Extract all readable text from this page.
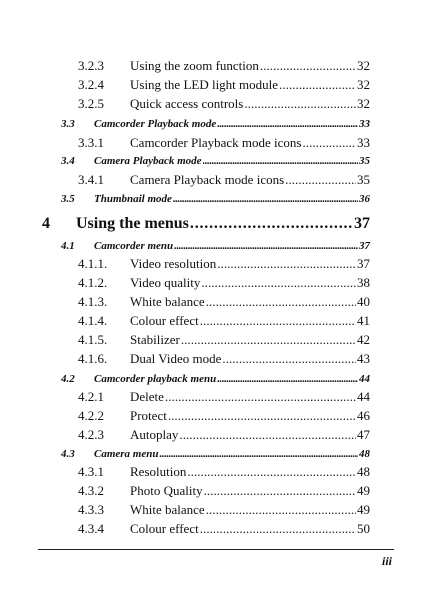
3.2.3	Using the zoom function . . .	32
3.2.4	Using the LED light module . . .	32
3.2.5	Quick access controls . . .	32
3.3	Camcorder Playback mode . . .	33
3.3.1	Camcorder Playback mode icons . . .	33
3.4	Camera Playback mode . . .	35
3.4.1	Camera Playback mode icons . . .	35
3.5	Thumbnail mode . . .	36
4	Using the menus . . .	37
4.1	Camcorder menu . . .	37
4.1.1.	Video resolution . . .	37
4.1.2.	Video quality . . .	38
4.1.3.	White balance . . .	40
4.1.4.	Colour effect . . .	41
4.1.5.	Stabilizer . . .	42
4.1.6.	Dual Video mode . . .	43
4.2	Camcorder playback menu . . .	44
4.2.1	Delete . . .	44
4.2.2	Protect . . .	46
4.2.3	Autoplay . . .	47
4.3	Camera menu . . .	48
4.3.1	Resolution . . .	48
4.3.2	Photo Quality . . .	49
4.3.3	White balance . . .	49
4.3.4	Colour effect . . .	50
iii
